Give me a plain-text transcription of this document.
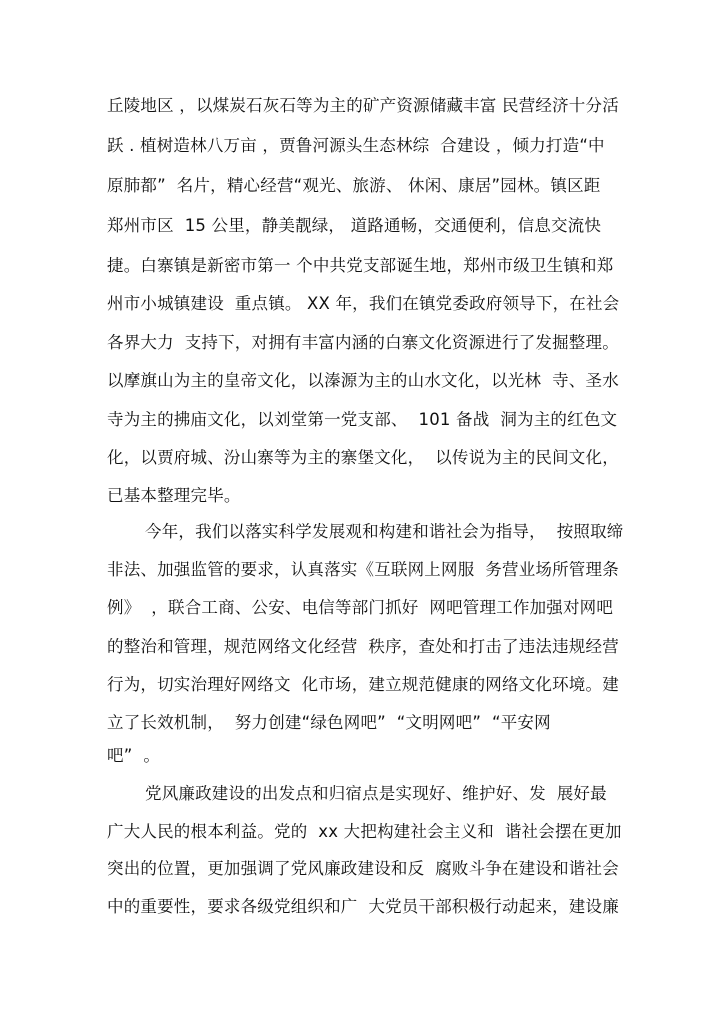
丘陵地区 ，以煤炭石灰石等为主的矿产资源储藏丰富 民营经济十分活
跃 . 植树造林八万亩 ，贾鲁河源头生态林综  合建设 ，倾力打造“中
原肺都”  名片，精心经营“观光、旅游、 休闲、康居”园林。镇区距
郑州市区  15 公里，静美靓绿， 道路通畅，交通便利，信息交流快
捷。白寨镇是新密市第一 个中共党支部诞生地，郑州市级卫生镇和郑
州市小城镇建设  重点镇。 XX 年，我们在镇党委政府领导下，在社会
各界大力  支持下，对拥有丰富内涵的白寨文化资源进行了发掘整理。
以摩旗山为主的皇帝文化，以溱源为主的山水文化，以光林  寺、圣水
寺为主的拂庙文化，以刘堂第一党支部、  101 备战  洞为主的红色文
化，以贾府城、汾山寨等为主的寨堡文化，  以传说为主的民间文化，
已基本整理完毕。
今年，我们以落实科学发展观和构建和谐社会为指导，  按照取缔
非法、加强监管的要求，认真落实《互联网上网服  务营业场所管理条
例》  ，联合工商、公安、电信等部门抓好  网吧管理工作加强对网吧
的整治和管理，规范网络文化经营  秩序，查处和打击了违法违规经营
行为，切实治理好网络文  化市场，建立规范健康的网络文化环境。建
立了长效机制，  努力创建“绿色网吧”  “文明网吧”  “平安网
吧”  。
党风廉政建设的出发点和归宿点是实现好、维护好、发  展好最
广大人民的根本利益。党的  xx 大把构建社会主义和  谐社会摆在更加
突出的位置，更加强调了党风廉政建设和反  腐败斗争在建设和谐社会
中的重要性，要求各级党组织和广  大党员干部积极行动起来，建设廉
